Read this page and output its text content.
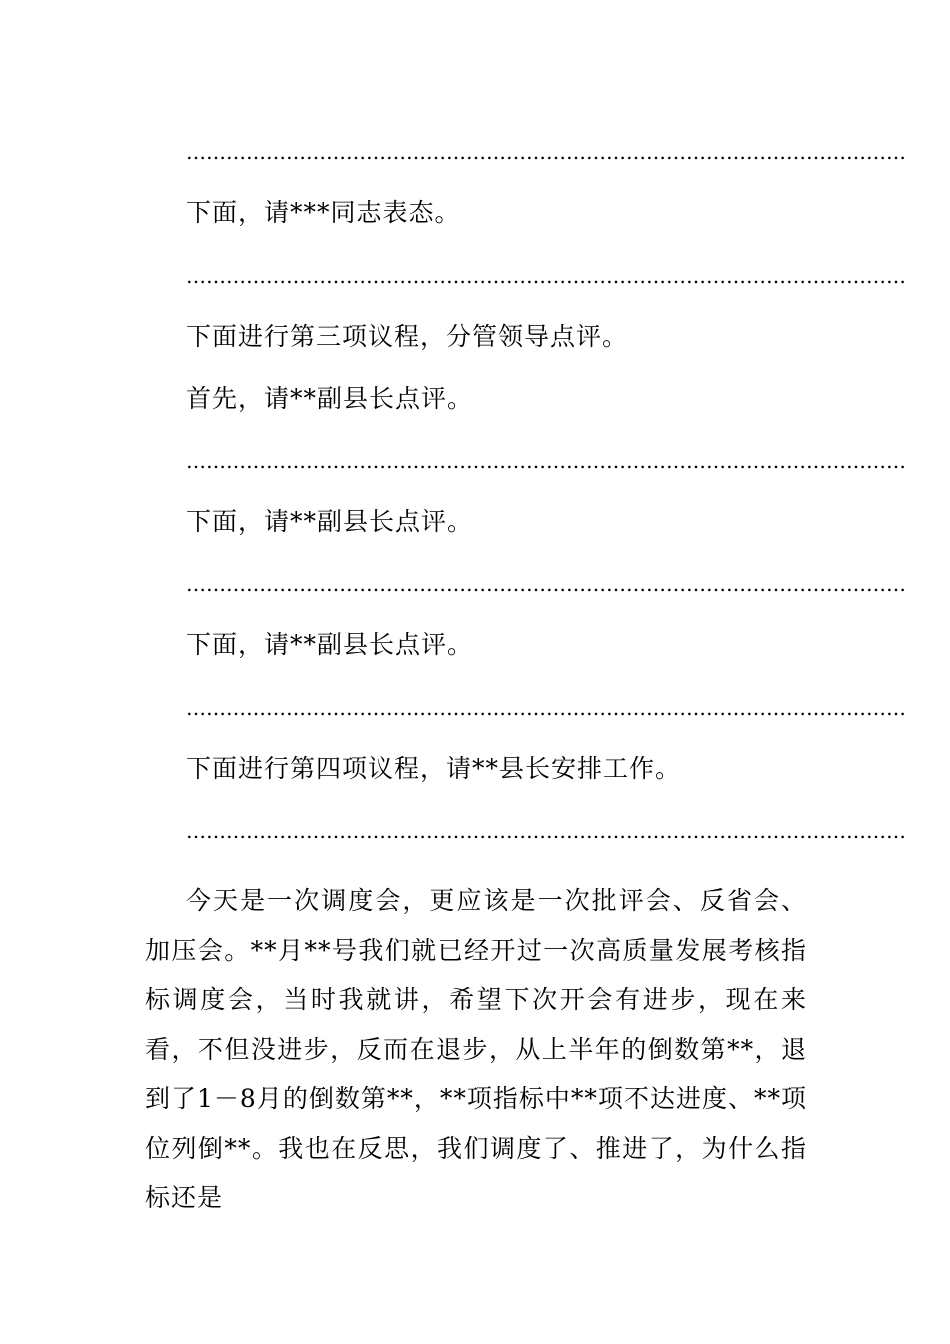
………………………………………………………………………………………………
下面，请***同志表态。
………………………………………………………………………………………………
下面进行第三项议程，分管领导点评。
首先，请**副县长点评。
………………………………………………………………………………………………
下面，请**副县长点评。
………………………………………………………………………………………………
下面，请**副县长点评。
………………………………………………………………………………………………
下面进行第四项议程，请**县长安排工作。
………………………………………………………………………………………………
今天是一次调度会，更应该是一次批评会、反省会、加压会。**月**号我们就已经开过一次高质量发展考核指标调度会，当时我就讲，希望下次开会有进步，现在来看，不但没进步，反而在退步，从上半年的倒数第**，退到了1－8月的倒数第**，**项指标中**项不达进度、**项位列倒**。我也在反思，我们调度了、推进了，为什么指标还是
